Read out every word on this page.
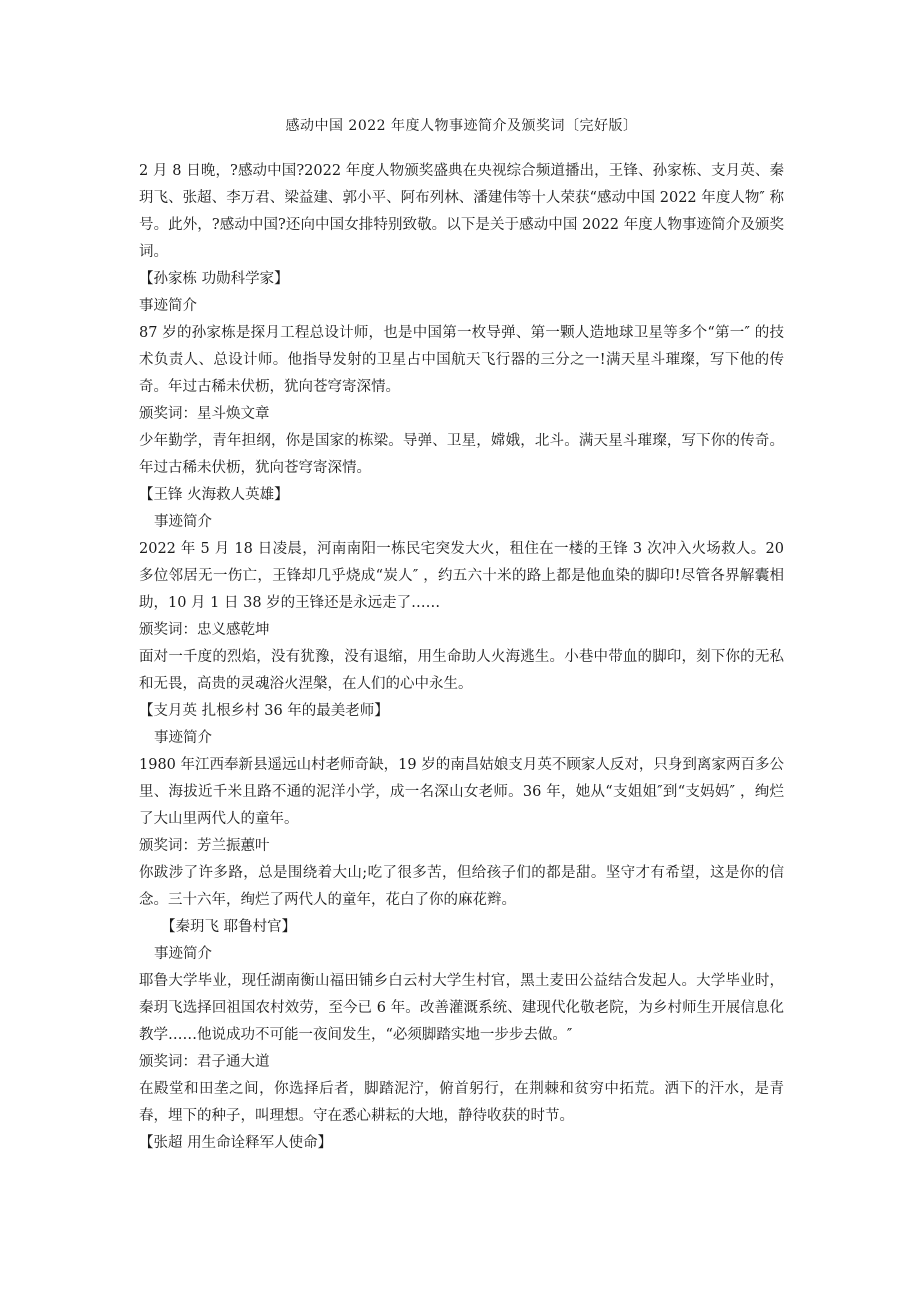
感动中国 2022 年度人物事迹简介及颁奖词〔完好版〕

2 月 8 日晚，?感动中国?2022 年度人物颁奖盛典在央视综合频道播出，王锋、孙家栋、支月英、秦玥飞、张超、李万君、梁益建、郭小平、阿布列林、潘建伟等十人荣获“感动中国 2022 年度人物″ 称号。此外，?感动中国?还向中国女排特别致敬。以下是关于感动中国 2022 年度人物事迹简介及颁奖词。

【孙家栋 功勋科学家】

事迹简介

87 岁的孙家栋是探月工程总设计师，也是中国第一枚导弹、第一颗人造地球卫星等多个“第一″ 的技术负责人、总设计师。他指导发射的卫星占中国航天飞行器的三分之一!满天星斗璀璨，写下他的传奇。年过古稀未伏枥，犹向苍穹寄深情。

颁奖词：星斗焕文章

少年勤学，青年担纲，你是国家的栋梁。导弹、卫星，嫦娥，北斗。满天星斗璀璨，写下你的传奇。年过古稀未伏枥，犹向苍穹寄深情。

【王锋 火海救人英雄】

事迹简介

2022 年 5 月 18 日凌晨，河南南阳一栋民宅突发大火，租住在一楼的王锋 3 次冲入火场救人。20 多位邻居无一伤亡，王锋却几乎烧成“炭人″ ，约五六十米的路上都是他血染的脚印!尽管各界解囊相助，10 月 1 日 38 岁的王锋还是永远走了……

颁奖词：忠义感乾坤

面对一千度的烈焰，没有犹豫，没有退缩，用生命助人火海逃生。小巷中带血的脚印，刻下你的无私和无畏，高贵的灵魂浴火涅槃，在人们的心中永生。

【支月英 扎根乡村 36 年的最美老师】

事迹简介

1980 年江西奉新县遥远山村老师奇缺，19 岁的南昌姑娘支月英不顾家人反对，只身到离家两百多公里、海拔近千米且路不通的泥洋小学，成一名深山女老师。36 年，她从“支姐姐″到“支妈妈″ ，绚烂了大山里两代人的童年。

颁奖词：芳兰振蕙叶

你跋涉了许多路，总是围绕着大山;吃了很多苦，但给孩子们的都是甜。坚守才有希望，这是你的信念。三十六年，绚烂了两代人的童年，花白了你的麻花辫。

【秦玥飞 耶鲁村官】

事迹简介

耶鲁大学毕业，现任湖南衡山福田铺乡白云村大学生村官，黑土麦田公益结合发起人。大学毕业时，秦玥飞选择回祖国农村效劳，至今已 6 年。改善灌溉系统、建现代化敬老院，为乡村师生开展信息化教学……他说成功不可能一夜间发生，“必须脚踏实地一步步去做。″

颁奖词：君子通大道

在殿堂和田垄之间，你选择后者，脚踏泥泞，俯首躬行，在荆棘和贫穷中拓荒。洒下的汗水，是青春，埋下的种子，叫理想。守在悉心耕耘的大地，静待收获的时节。

【张超 用生命诠释军人使命】
